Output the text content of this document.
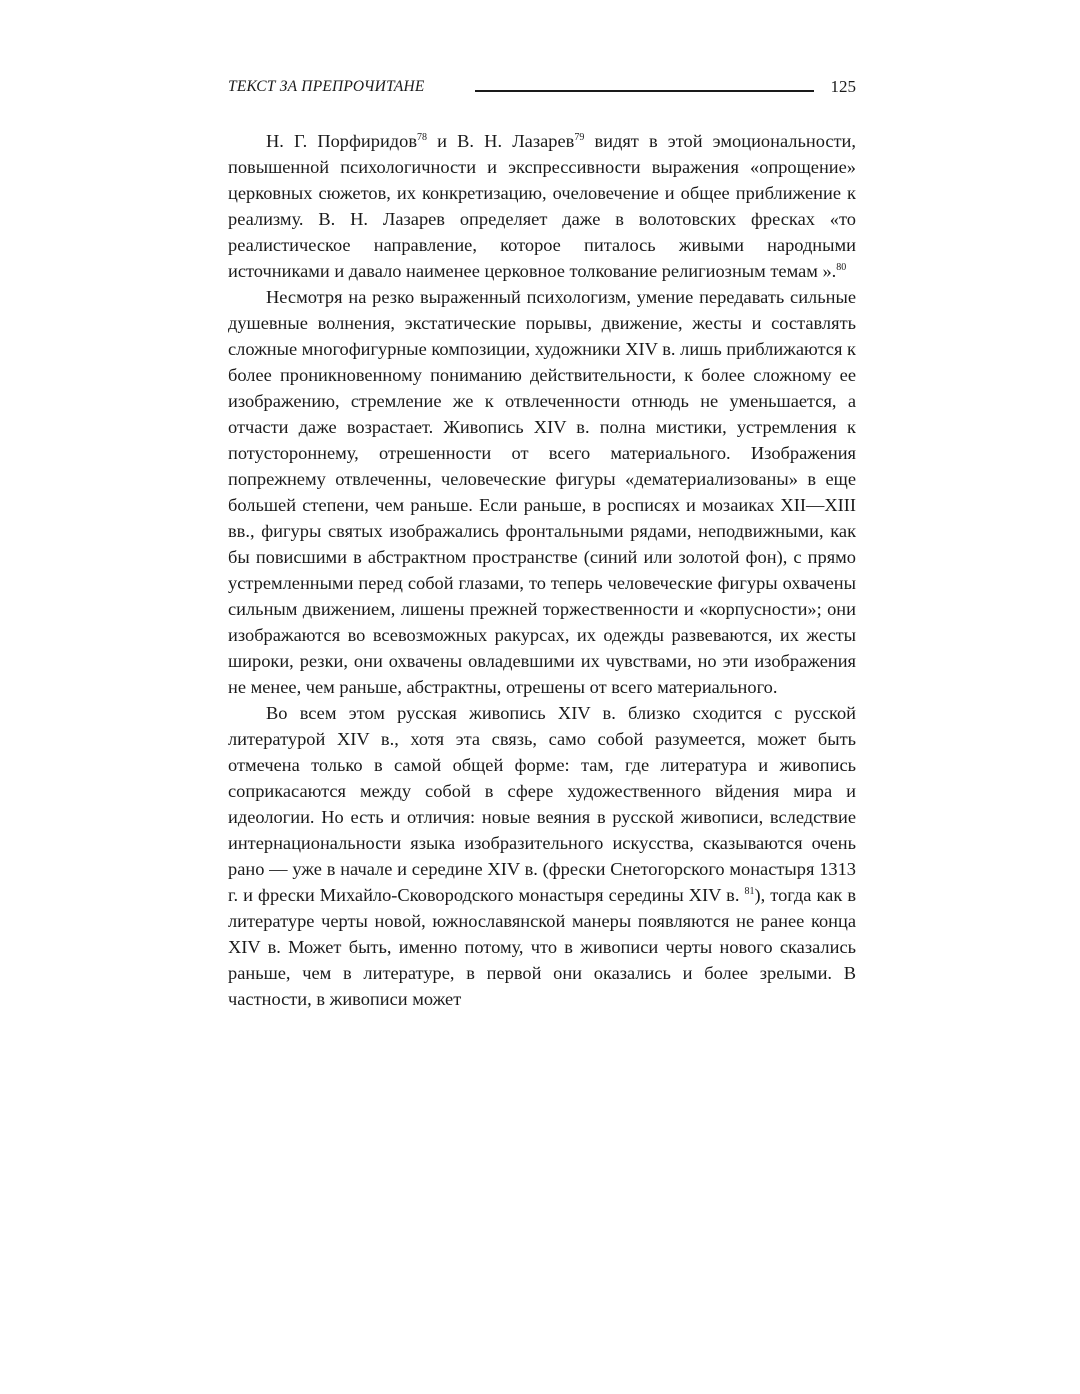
ТЕКСТ ЗА ПРЕПРОЧИТАНЕ	125

Н. Г. Порфиридов$^{78}$ и В. Н. Лазарев$^{79}$ видят в этой эмоциональности, повышенной психологичности и экспрессивности выражения «опрощение» церковных сюжетов, их конкретизацию, очеловечение и общее приближение к реализму. В. Н. Лазарев определяет даже в волотовских фресках «то реалистическое направление, которое питалось живыми народными источниками и давало наименее церковное толкование религиозным темам ».$^{80}$

Несмотря на резко выраженный психологизм, умение передавать сильные душевные волнения, экстатические порывы, движение, жесты и составлять сложные многофигурные композиции, художники XIV в. лишь приближаются к более проникновенному пониманию действительности, к более сложному ее изображению, стремление же к отвлеченности отнюдь не уменьшается, а отчасти даже возрастает. Живопись XIV в. полна мистики, устремления к потустороннему, отрешенности от всего материального. Изображения попрежнему отвлеченны, человеческие фигуры «дематериализованы» в еще большей степени, чем раньше. Если раньше, в росписях и мозаиках XII—XIII вв., фигуры святых изображались фронтальными рядами, неподвижными, как бы повисшими в абстрактном пространстве (синий или золотой фон), с прямо устремленными перед собой глазами, то теперь человеческие фигуры охвачены сильным движением, лишены прежней торжественности и «корпусности»; они изображаются во всевозможных ракурсах, их одежды развеваются, их жесты широки, резки, они охвачены овладевшими их чувствами, но эти изображения не менее, чем раньше, абстрактны, отрешены от всего материального.

Во всем этом русская живопись XIV в. близко сходится с русской литературой XIV в., хотя эта связь, само собой разумеется, может быть отмечена только в самой общей форме: там, где литература и живопись соприкасаются между собой в сфере художественного вйдения мира и идеологии. Но есть и отличия: новые веяния в русской живописи, вследствие интернациональности языка изобразительного искусства, сказываются очень рано — уже в начале и середине XIV в. (фрески Снетогорского монастыря 1313 г. и фрески Михайло-Сковородского монастыря середины XIV в. $^{81}$), тогда как в литературе черты новой, южнославянской манеры появляются не ранее конца XIV в. Может быть, именно потому, что в живописи черты нового сказались раньше, чем в литературе, в первой они оказались и более зрелыми. В частности, в живописи может
